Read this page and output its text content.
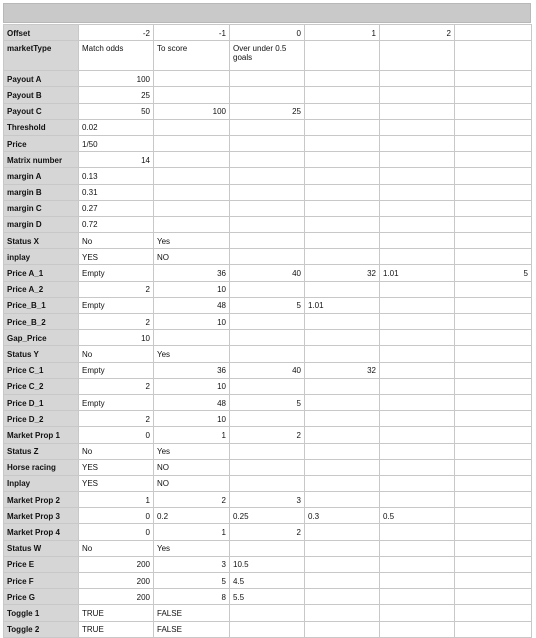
Offset	-2	-1	0	1	2	
marketType	Match odds	To score	Over under 0.5 goals			
Payout A	100					
Payout B	25					
Payout C	50	100	25			
Threshold	0.02					
Price	1/50					
Matrix number	14					
margin A	0.13					
margin B	0.31					
margin C	0.27					
margin D	0.72					
Status X	No	Yes				
inplay	YES	NO				
Price A_1	Empty	36	40	32	1.01	5
Price A_2	2	10				
Price_B_1	Empty	48	5	1.01		
Price_B_2	2	10				
Gap_Price	10					
Status Y	No	Yes				
Price C_1	Empty	36	40	32		
Price C_2	2	10				
Price D_1	Empty	48	5			
Price D_2	2	10				
Market Prop 1	0	1	2			
Status Z	No	Yes				
Horse racing	YES	NO				
Inplay	YES	NO				
Market Prop 2	1	2	3			
Market Prop 3	0	0.2	0.25	0.3	0.5	
Market Prop 4	0	1	2			
Status W	No	Yes				
Price E	200	3	10.5			
Price F	200	5	4.5			
Price G	200	8	5.5			
Toggle 1	TRUE	FALSE				
Toggle 2	TRUE	FALSE				
